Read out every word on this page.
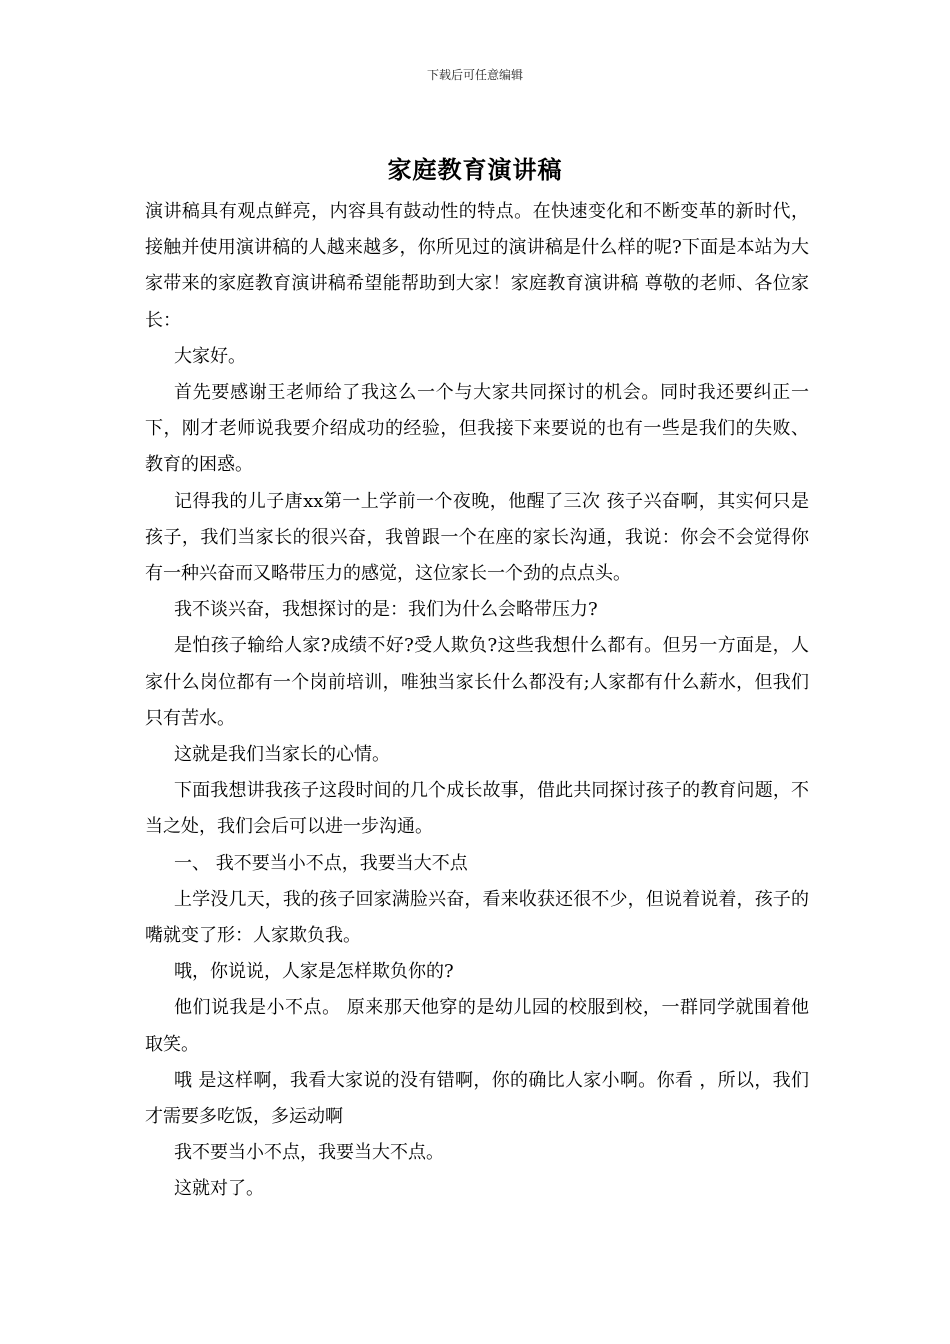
下载后可任意编辑
家庭教育演讲稿

演讲稿具有观点鲜亮，内容具有鼓动性的特点。在快速变化和不断变革的新时代，接触并使用演讲稿的人越来越多，你所见过的演讲稿是什么样的呢?下面是本站为大家带来的家庭教育演讲稿希望能帮助到大家！家庭教育演讲稿 尊敬的老师、各位家长：

大家好。

首先要感谢王老师给了我这么一个与大家共同探讨的机会。同时我还要纠正一下，刚才老师说我要介绍成功的经验，但我接下来要说的也有一些是我们的失败、教育的困惑。

记得我的儿子唐xx第一上学前一个夜晚，他醒了三次 孩子兴奋啊，其实何只是孩子，我们当家长的很兴奋，我曾跟一个在座的家长沟通，我说：你会不会觉得你有一种兴奋而又略带压力的感觉，这位家长一个劲的点点头。

我不谈兴奋，我想探讨的是：我们为什么会略带压力?

是怕孩子输给人家?成绩不好?受人欺负?这些我想什么都有。但另一方面是，人家什么岗位都有一个岗前培训，唯独当家长什么都没有;人家都有什么薪水，但我们只有苦水。

这就是我们当家长的心情。

下面我想讲我孩子这段时间的几个成长故事，借此共同探讨孩子的教育问题，不当之处，我们会后可以进一步沟通。

一、 我不要当小不点，我要当大不点

上学没几天，我的孩子回家满脸兴奋，看来收获还很不少，但说着说着，孩子的嘴就变了形：人家欺负我。

哦，你说说，人家是怎样欺负你的?

他们说我是小不点。 原来那天他穿的是幼儿园的校服到校，一群同学就围着他取笑。

哦 是这样啊，我看大家说的没有错啊，你的确比人家小啊。你看 ，所以，我们才需要多吃饭，多运动啊

我不要当小不点，我要当大不点。

这就对了。
